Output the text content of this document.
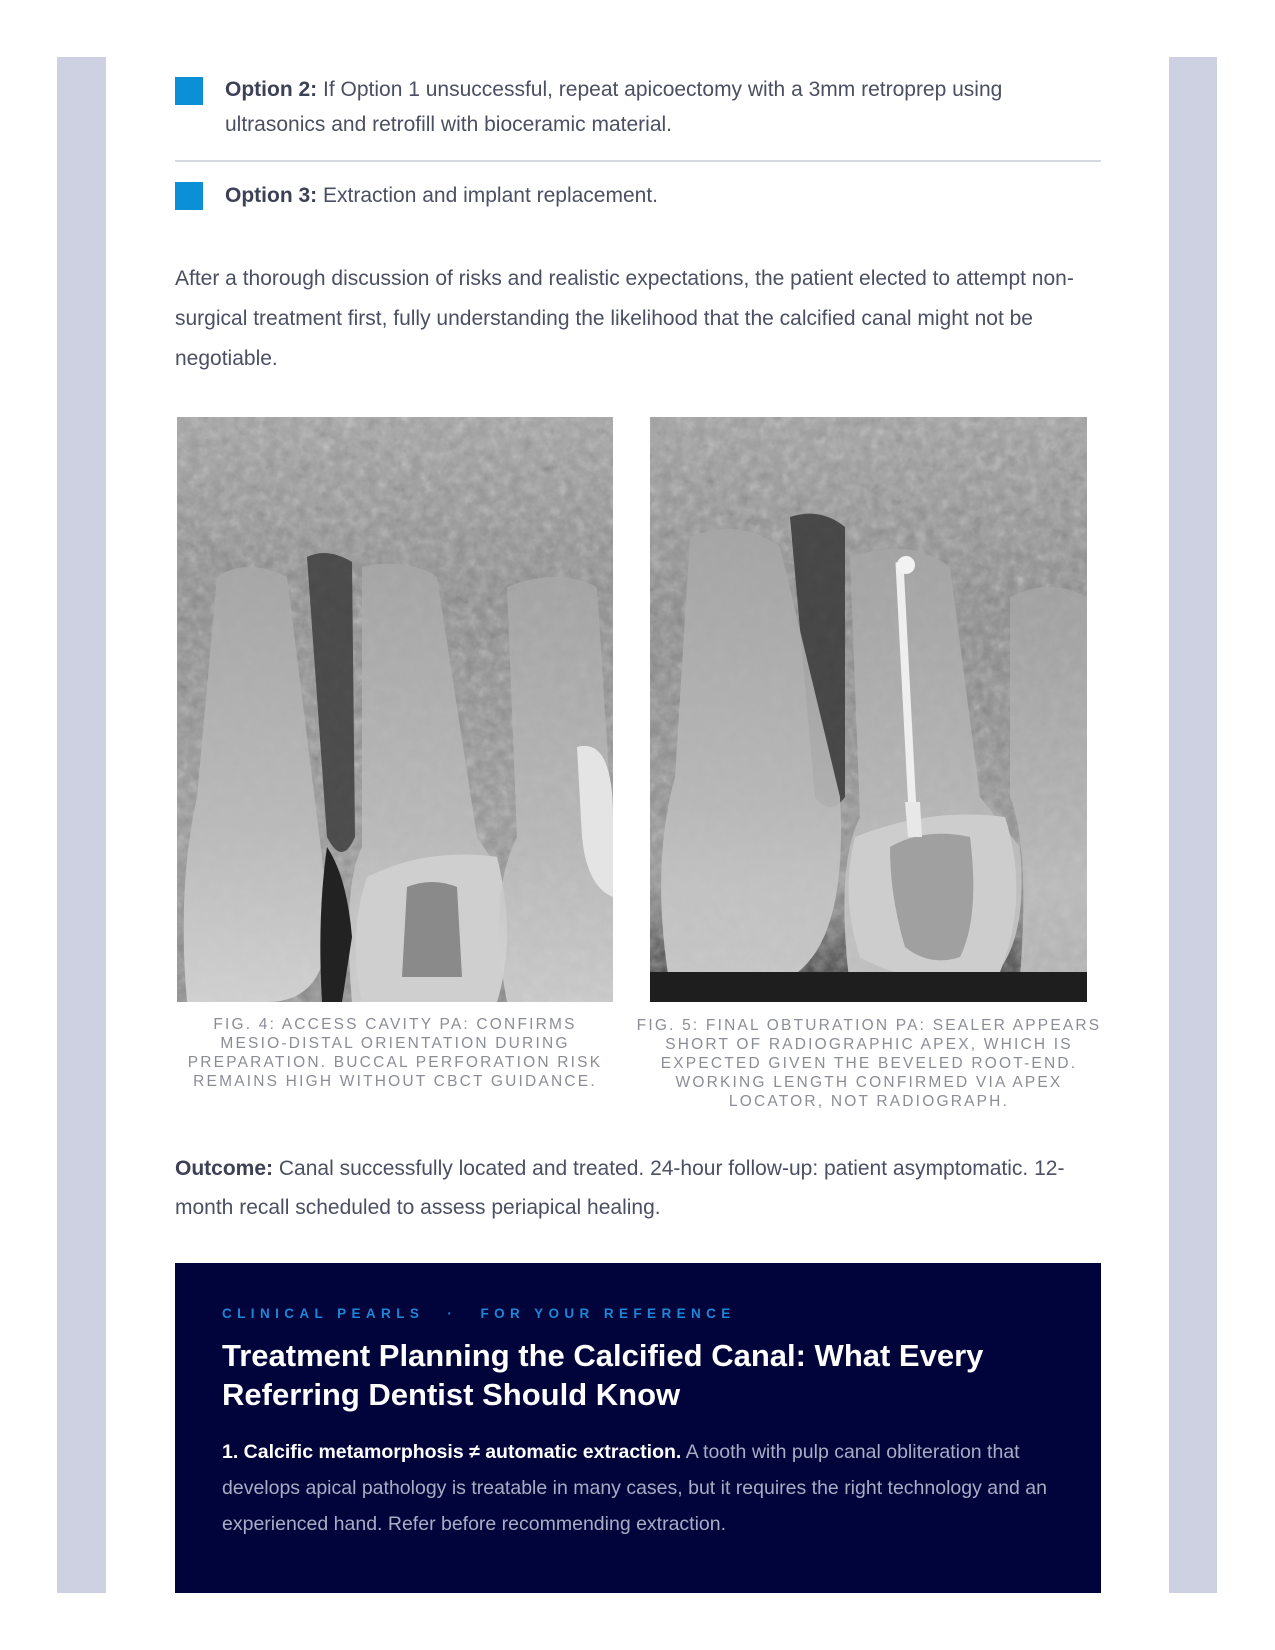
Option 2: If Option 1 unsuccessful, repeat apicoectomy with a 3mm retroprep using ultrasonics and retrofill with bioceramic material.
Option 3: Extraction and implant replacement.
After a thorough discussion of risks and realistic expectations, the patient elected to attempt non-surgical treatment first, fully understanding the likelihood that the calcified canal might not be negotiable.
FIG. 4: ACCESS CAVITY PA: CONFIRMS MESIO-DISTAL ORIENTATION DURING PREPARATION. BUCCAL PERFORATION RISK REMAINS HIGH WITHOUT CBCT GUIDANCE.
FIG. 5: FINAL OBTURATION PA: SEALER APPEARS SHORT OF RADIOGRAPHIC APEX, WHICH IS EXPECTED GIVEN THE BEVELED ROOT-END. WORKING LENGTH CONFIRMED VIA APEX LOCATOR, NOT RADIOGRAPH.
Outcome: Canal successfully located and treated. 24-hour follow-up: patient asymptomatic. 12-month recall scheduled to assess periapical healing.
CLINICAL PEARLS · FOR YOUR REFERENCE
Treatment Planning the Calcified Canal: What Every Referring Dentist Should Know
1. Calcific metamorphosis ≠ automatic extraction. A tooth with pulp canal obliteration that develops apical pathology is treatable in many cases, but it requires the right technology and an experienced hand. Refer before recommending extraction.
